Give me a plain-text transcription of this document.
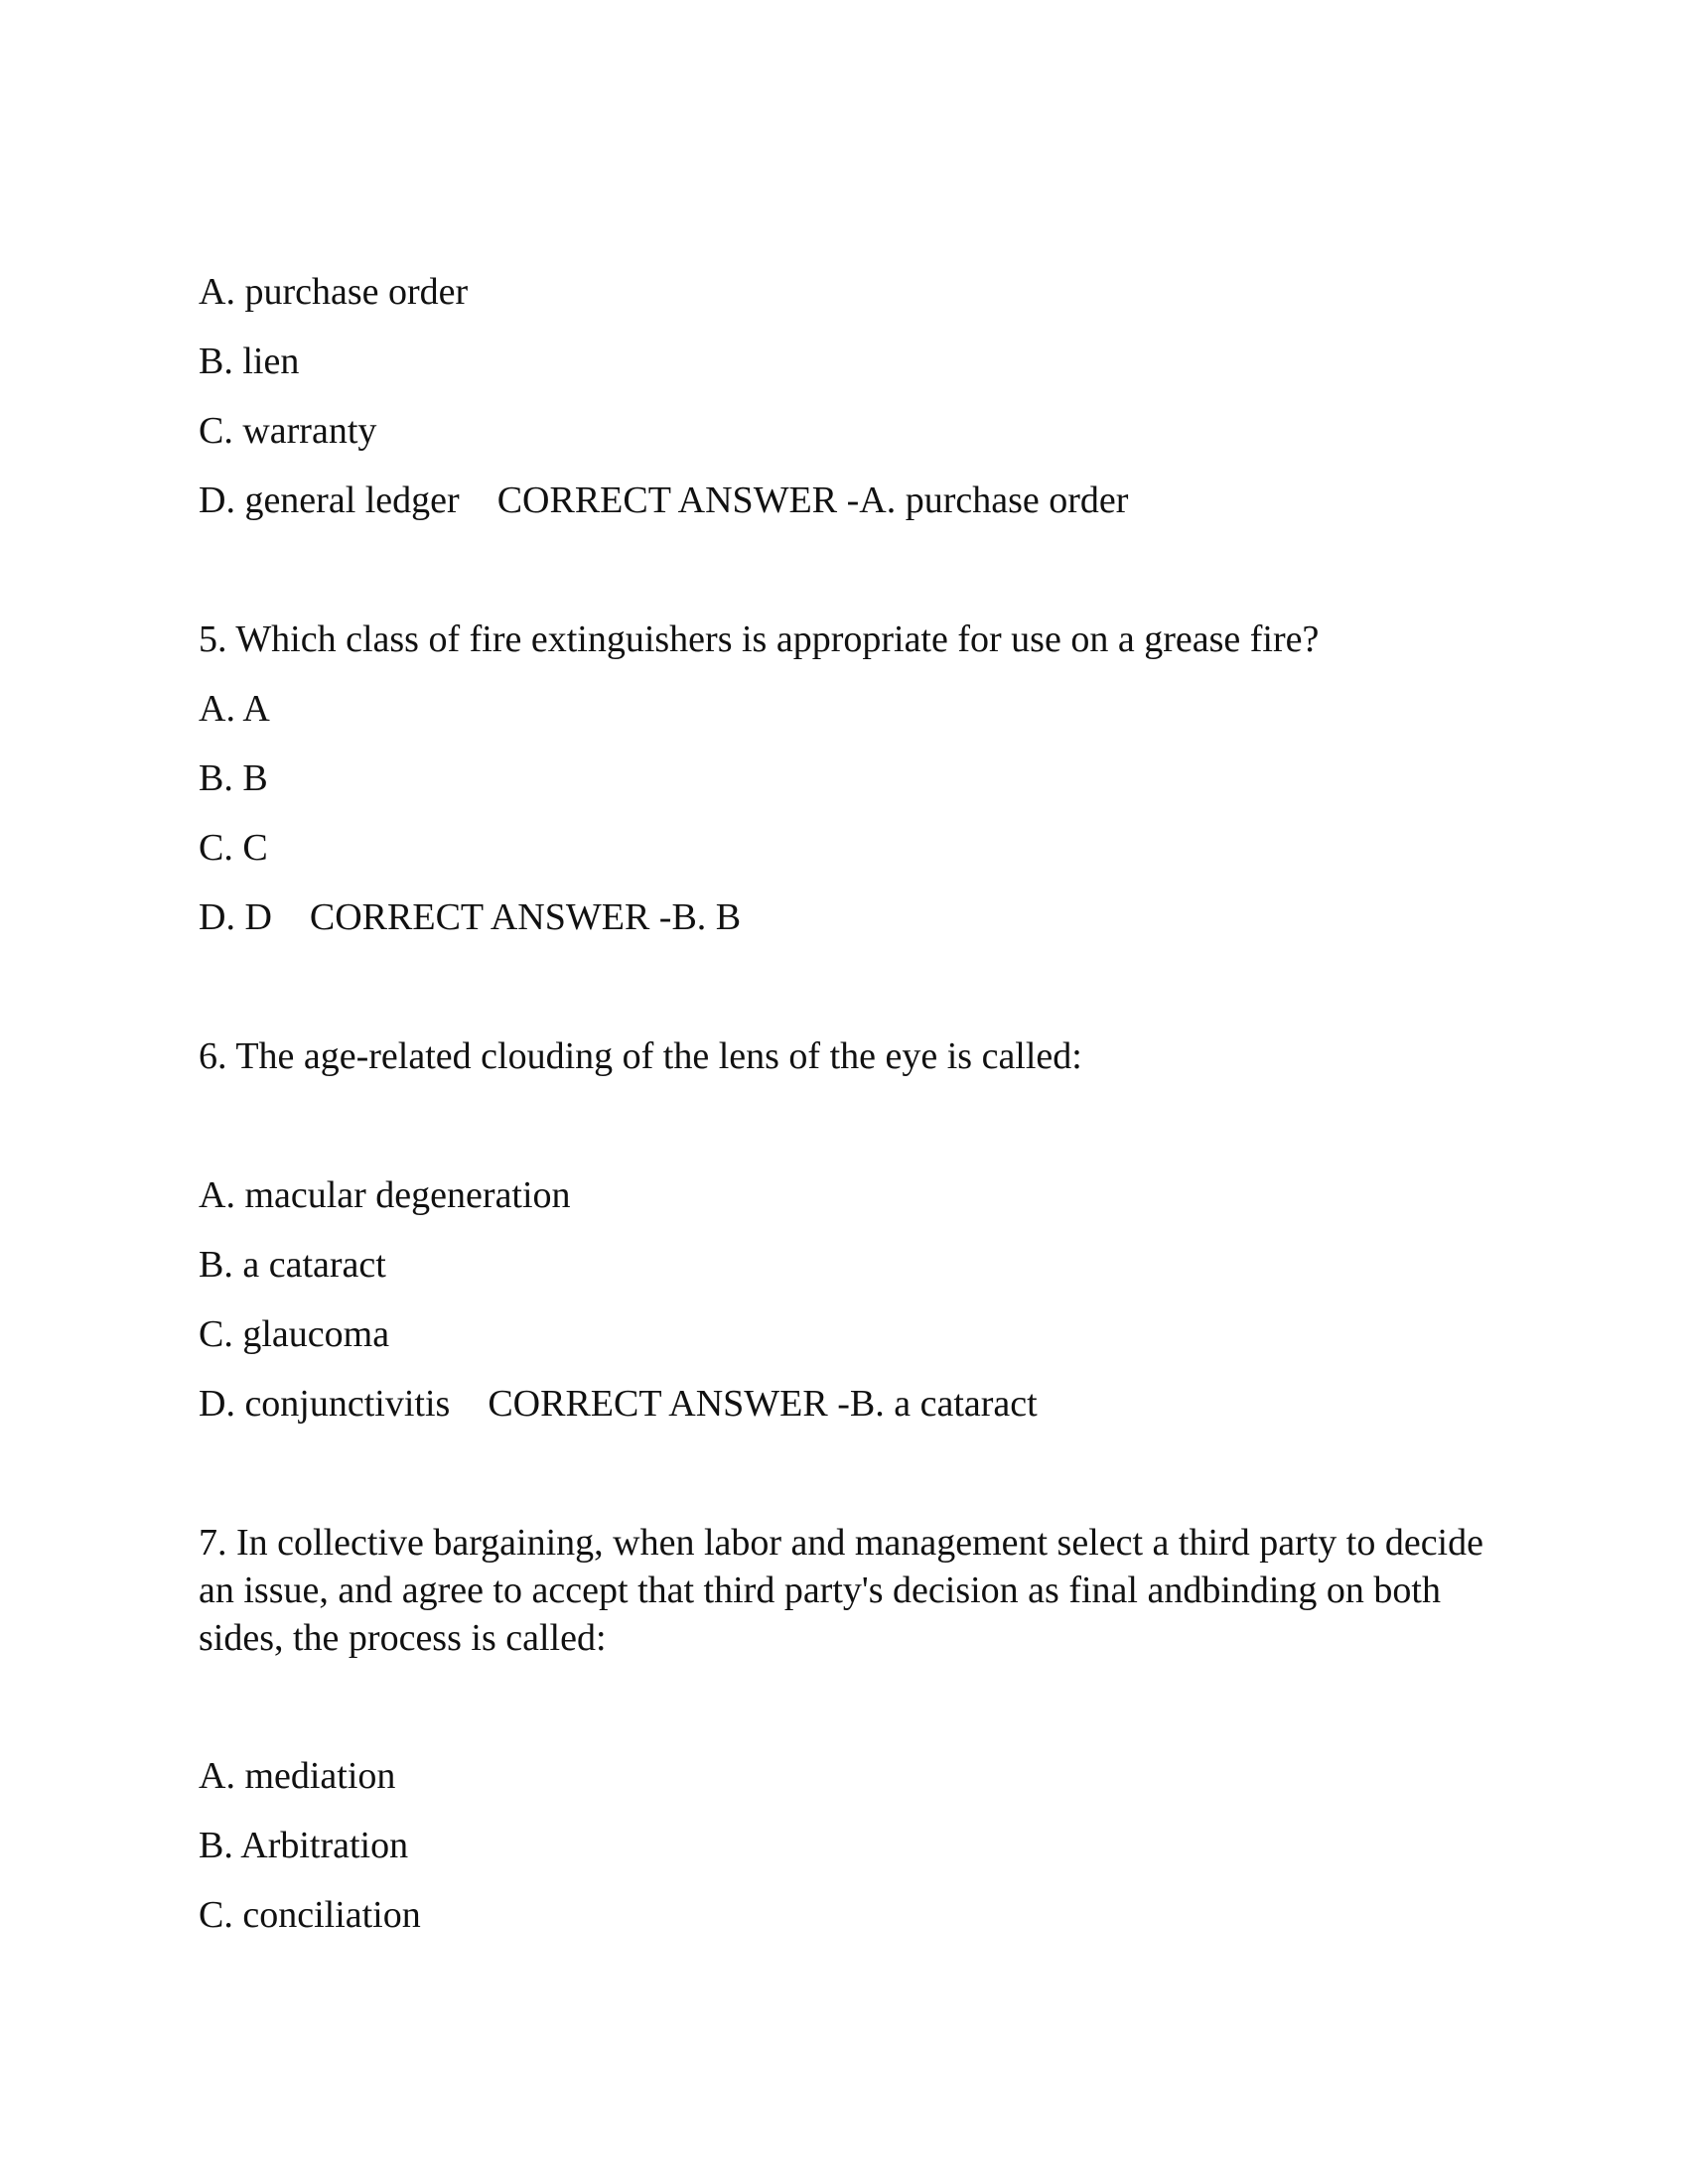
A. purchase order

B. lien

C. warranty

D. general ledger CORRECT ANSWER -A. purchase order

5. Which class of fire extinguishers is appropriate for use on a grease fire?

A. A

B. B

C. C

D. D CORRECT ANSWER -B. B

6. The age-related clouding of the lens of the eye is called:

A. macular degeneration

B. a cataract

C. glaucoma

D. conjunctivitis CORRECT ANSWER -B. a cataract

7. In collective bargaining, when labor and management select a third party to decide an issue, and agree to accept that third party's decision as final andbinding on both sides, the process is called:

A. mediation

B. Arbitration

C. conciliation
